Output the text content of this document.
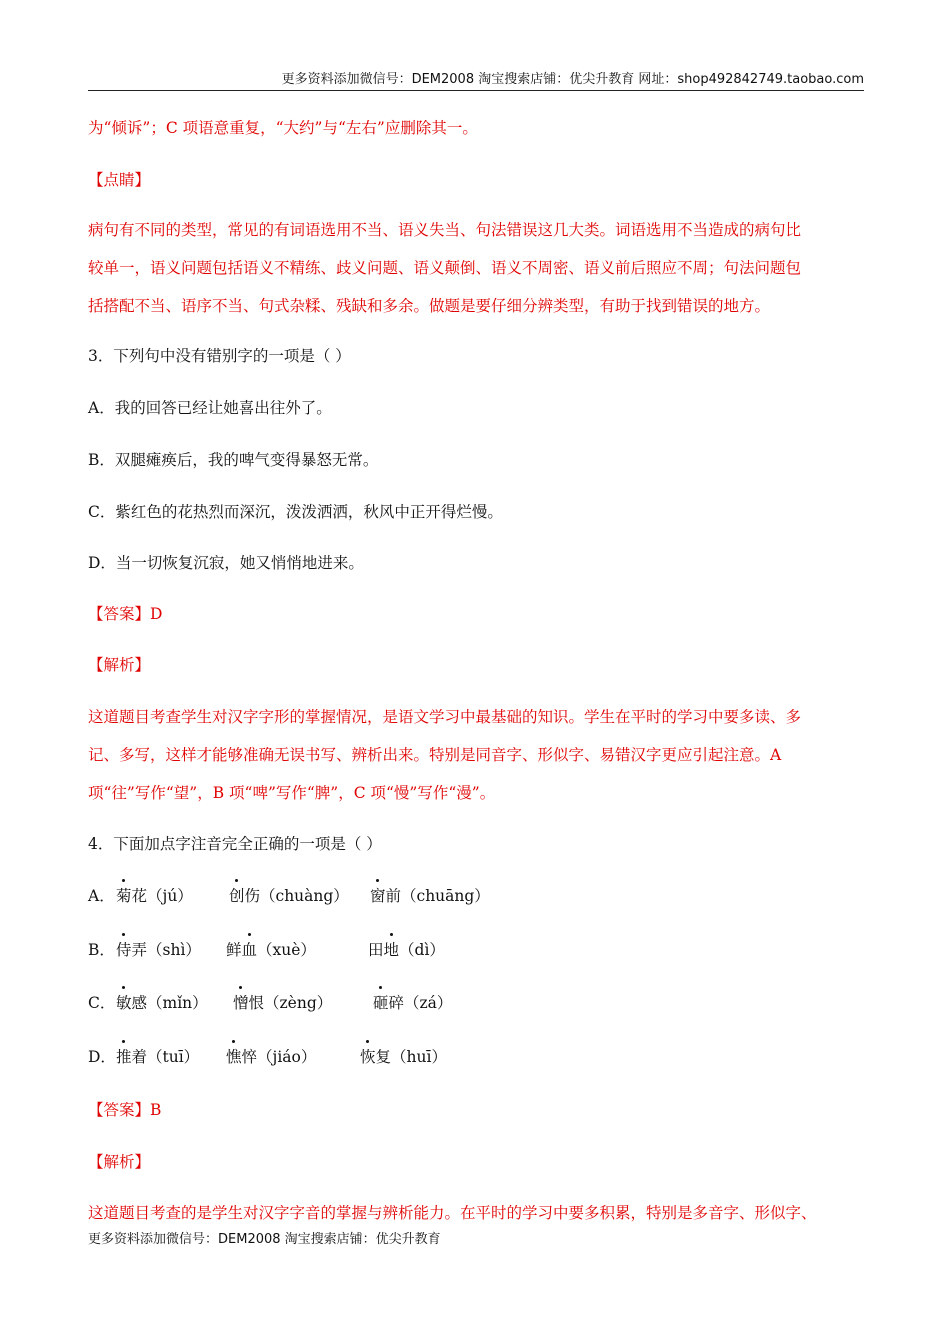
更多资料添加微信号：DEM2008 淘宝搜索店铺：优尖升教育 网址：shop492842749.taobao.com
为“倾诉”；C 项语意重复，“大约”与“左右”应删除其一。
【点睛】
病句有不同的类型，常见的有词语选用不当、语义失当、句法错误这几大类。词语选用不当造成的病句比
较单一，语义问题包括语义不精练、歧义问题、语义颠倒、语义不周密、语义前后照应不周；句法问题包
括搭配不当、语序不当、句式杂糅、残缺和多余。做题是要仔细分辨类型，有助于找到错误的地方。
3．下列句中没有错别字的一项是（ ）
A．我的回答已经让她喜出往外了。
B．双腿瘫痪后，我的啤气变得暴怒无常。
C．紫红色的花热烈而深沉，泼泼洒洒，秋风中正开得烂慢。
D．当一切恢复沉寂，她又悄悄地进来。
【答案】D
【解析】
这道题目考查学生对汉字字形的掌握情况，是语文学习中最基础的知识。学生在平时的学习中要多读、多
记、多写，这样才能够准确无误书写、辨析出来。特别是同音字、形似字、易错汉字更应引起注意。A
项“往”写作“望”，B 项“啤”写作“脾”，C 项“慢”写作“漫”。
4．下面加点字注音完全正确的一项是（ ）
A． 菊花（jú） 创伤（chuàng） 窗前（chuāng）
B． 侍弄（shì） 鲜血（xuè）	田地（dì）
C． 敏感（mǐn） 憎恨（zèng）	砸碎（zá）
D． 推着（tuī） 憔悴（jiáo）	恢复（huī）
【答案】B
【解析】
这道题目考查的是学生对汉字字音的掌握与辨析能力。在平时的学习中要多积累，特别是多音字、形似字、
更多资料添加微信号：DEM2008 淘宝搜索店铺：优尖升教育
